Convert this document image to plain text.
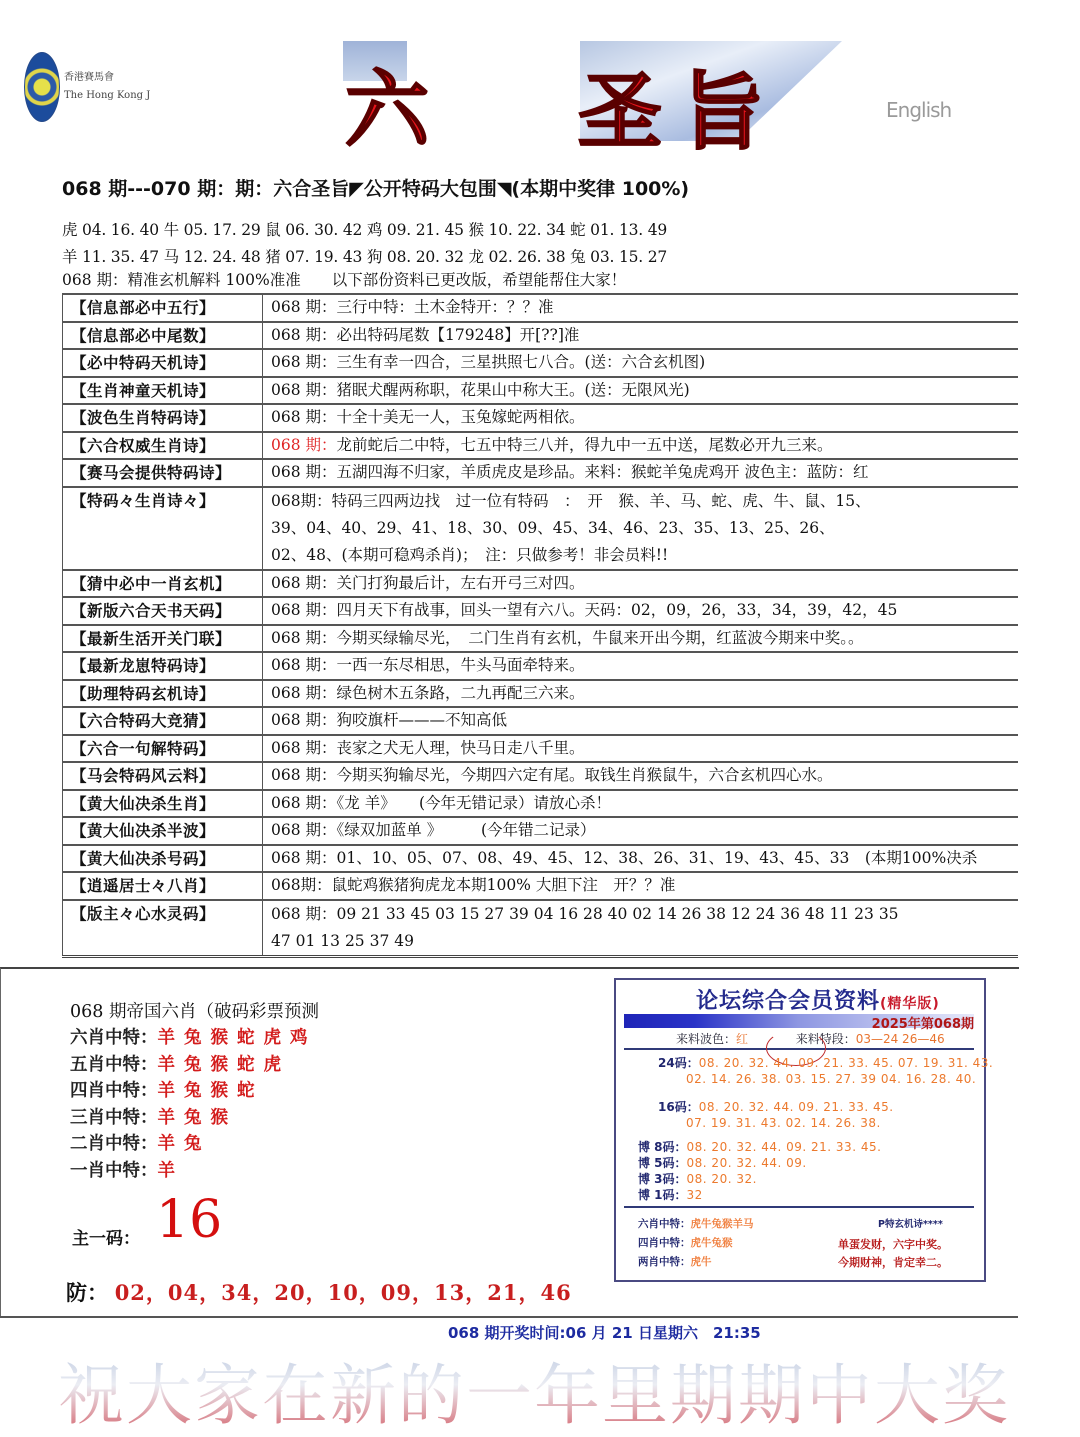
香港賽馬會
The Hong Kong J 六 圣 旨	English
068 期---070 期：期：六合圣旨◤公开特码大包围◥(本期中奖律 100%)
虎 04. 16. 40 牛 05. 17. 29 鼠 06. 30. 42 鸡 09. 21. 45 猴 10. 22. 34 蛇 01. 13. 49
羊 11. 35. 47 马 12. 24. 48 猪 07. 19. 43 狗 08. 20. 32 龙 02. 26. 38 兔 03. 15. 27
068 期：精准玄机解料 100%准准　　以下部份资料已更改版，希望能帮住大家！
【信息部必中五行】	068 期：三行中特：土木金特开：？？准
【信息部必中尾数】	068 期：必出特码尾数【179248】开[??]准
【必中特码天机诗】	068 期：三生有幸一四合，三星拱照七八合。(送：六合玄机图)
【生肖神童天机诗】	068 期：猪眠犬醒两称职，花果山中称大王。(送：无限风光)
【波色生肖特码诗】	068 期：十全十美无一人，玉兔嫁蛇两相依。
【六合权威生肖诗】	068 期：龙前蛇后二中特，七五中特三八并，得九中一五中送，尾数必开九三来。
【赛马会提供特码诗】	068 期：五湖四海不归家，羊质虎皮是珍品。来料：猴蛇羊兔虎鸡开 波色主：蓝防：红
【特码々生肖诗々】	068期：特码三四两边找　过一位有特码　：　开　猴、羊、马、蛇、虎、牛、鼠、15、
39、04、40、29、41、18、30、09、45、34、46、23、35、13、25、26、
02、48、(本期可稳鸡杀肖)；　注：只做参考！非会员料!!
【猜中必中一肖玄机】	068 期：关门打狗最后计，左右开弓三对四。
【新版六合天书天码】	068 期：四月天下有战事，回头一望有六八。天码：02，09，26，33，34，39，42，45
【最新生活开关门联】	068 期：今期买绿输尽光，　二门生肖有玄机，牛鼠来开出今期，红蓝波今期来中奖。。
【最新龙崽特码诗】	068 期：一西一东尽相思，牛头马面牵特来。
【助理特码玄机诗】	068 期：绿色树木五条路，二九再配三六来。
【六合特码大竞猜】	068 期：狗咬旗杆———不知高低
【六合一句解特码】	068 期：丧家之犬无人理，快马日走八千里。
【马会特码风云料】	068 期：今期买狗输尽光，今期四六定有尾。取钱生肖猴鼠牛，六合玄机四心水。
【黄大仙决杀生肖】	068 期：《龙 羊》　　(今年无错记录）请放心杀！
【黄大仙决杀半波】	068 期：《绿双加蓝单 》　　　(今年错二记录）
【黄大仙决杀号码】	068 期：01、10、05、07、08、49、45、12、38、26、31、19、43、45、33　(本期100%决杀
【逍遥居士々八肖】	068期：鼠蛇鸡猴猪狗虎龙本期100% 大胆下注　开？？准
【版主々心水灵码】	068 期：09 21 33 45 03 15 27 39 04 16 28 40 02 14 26 38 12 24 36 48 11 23 35
47 01 13 25 37 49
068 期帝国六肖（破码彩票预测
六肖中特：羊 兔 猴 蛇 虎 鸡
五肖中特：羊 兔 猴 蛇 虎
四肖中特：羊 兔 猴 蛇
三肖中特：羊 兔 猴
二肖中特：羊 兔
一肖中特：羊
主一码： 16
防： 02，04，34，20，10，09，13，21，46
论坛综合会员资料(精华版)
2025年第068期
来料波色：红	来料特段：03—24 26—46
24码：08. 20. 32. 44. 09. 21. 33. 45. 07. 19. 31. 43.
02. 14. 26. 38. 03. 15. 27. 39 04. 16. 28. 40.
16码：08. 20. 32. 44. 09. 21. 33. 45.
07. 19. 31. 43. 02. 14. 26. 38.
博 8码：08. 20. 32. 44. 09. 21. 33. 45.
博 5码：08. 20. 32. 44. 09.
博 3码：08. 20. 32.
博 1码：32
六肖中特：虎牛兔猴羊马
四肖中特：虎牛兔猴
两肖中特：虎牛
P特玄机诗****
单蛋发财，六字中奖。
今期财神，肯定幸二。
068 期开奖时间:06 月 21 日星期六　21:35
祝大家在新的一年里期期中大奖
